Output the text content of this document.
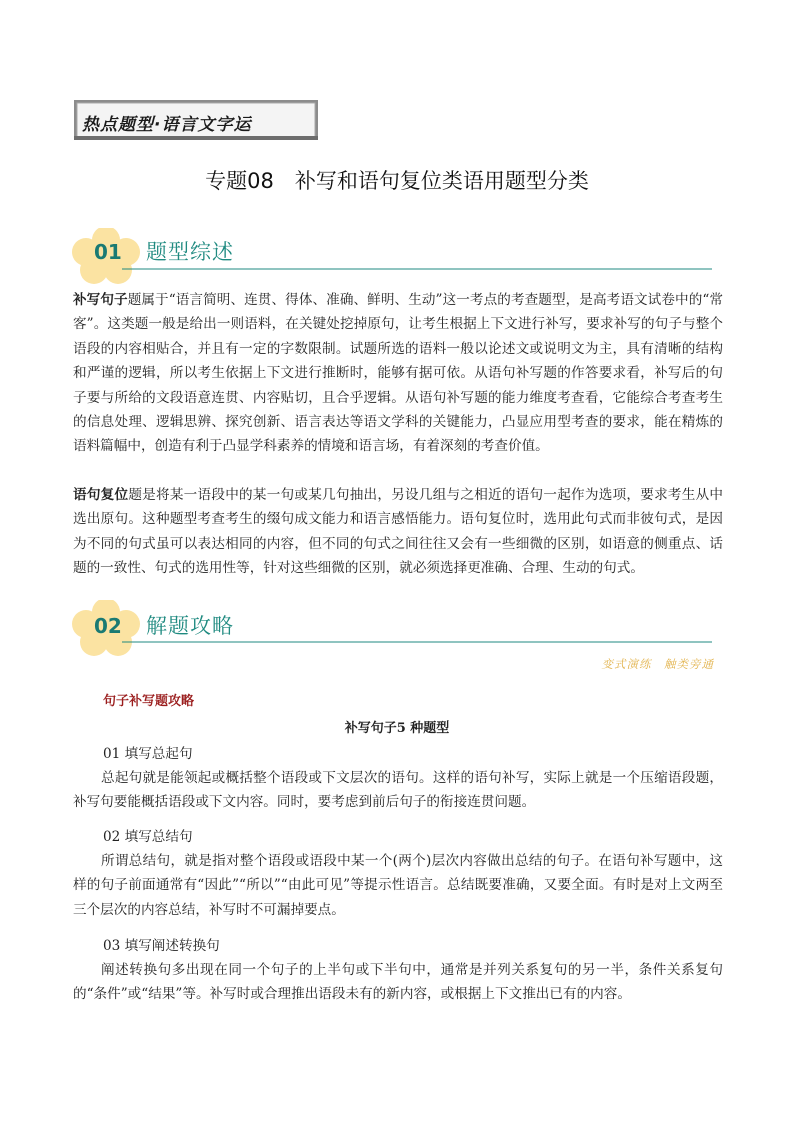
热点题型·语言文字运
专题08　补写和语句复位类语用题型分类
01 题型综述

补写句子题属于“语言简明、连贯、得体、准确、鲜明、生动”这一考点的考查题型，是高考语文试卷中的“常客”。这类题一般是给出一则语料，在关键处挖掉原句，让考生根据上下文进行补写，要求补写的句子与整个语段的内容相贴合，并且有一定的字数限制。试题所选的语料一般以论述文或说明文为主，具有清晰的结构和严谨的逻辑，所以考生依据上下文进行推断时，能够有据可依。从语句补写题的作答要求看，补写后的句子要与所给的文段语意连贯、内容贴切，且合乎逻辑。从语句补写题的能力维度考查看，它能综合考查考生的信息处理、逻辑思辨、探究创新、语言表达等语文学科的关键能力，凸显应用型考查的要求，能在精炼的语料篇幅中，创造有利于凸显学科素养的情境和语言场，有着深刻的考查价值。

语句复位题是将某一语段中的某一句或某几句抽出，另设几组与之相近的语句一起作为选项，要求考生从中选出原句。这种题型考查考生的缀句成文能力和语言感悟能力。语句复位时，选用此句式而非彼句式，是因为不同的句式虽可以表达相同的内容，但不同的句式之间往往又会有一些细微的区别，如语意的侧重点、话题的一致性、句式的选用性等，针对这些细微的区别，就必须选择更准确、合理、生动的句式。

02 解题攻略
变式演练　触类旁通
句子补写题攻略
补写句子5 种题型
01 填写总起句

总起句就是能领起或概括整个语段或下文层次的语句。这样的语句补写，实际上就是一个压缩语段题，补写句要能概括语段或下文内容。同时，要考虑到前后句子的衔接连贯问题。

02 填写总结句

所谓总结句，就是指对整个语段或语段中某一个(两个)层次内容做出总结的句子。在语句补写题中，这样的句子前面通常有“因此”“所以”“由此可见”等提示性语言。总结既要准确，又要全面。有时是对上文两至三个层次的内容总结，补写时不可漏掉要点。

03 填写阐述转换句

阐述转换句多出现在同一个句子的上半句或下半句中，通常是并列关系复句的另一半，条件关系复句的“条件”或“结果”等。补写时或合理推出语段未有的新内容，或根据上下文推出已有的内容。
